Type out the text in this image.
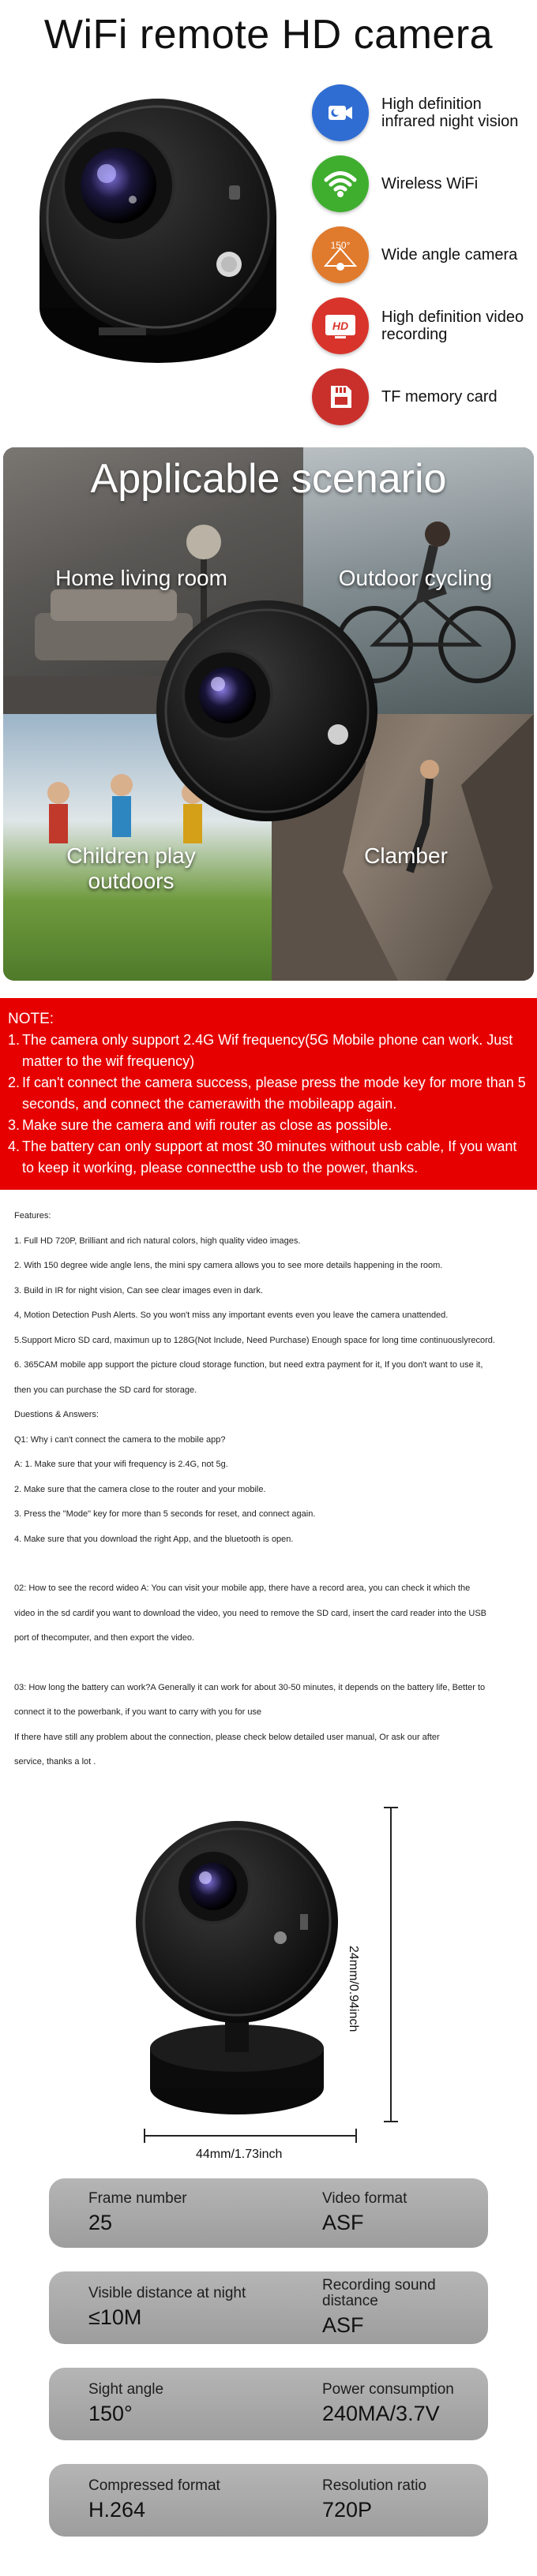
WiFi remote HD camera
High definition infrared night vision
Wireless WiFi
150°
Wide angle camera
HD High definition video recording
TF memory card
Applicable scenario
Home living room	Outdoor cycling
Children play outdoors
Clamber
NOTE:
1. The camera only support 2.4G Wif frequency(5G Mobile phone can work. Just matter to the wif frequency)
2. If can't connect the camera success, please press the mode key for more than 5 seconds, and connect the camerawith the mobileapp again.
3. Make sure the camera and wifi router as close as possible.
4. The battery can only support at most 30 minutes without usb cable, If you want to keep it working, please connectthe usb to the power, thanks.
Features:
1. Full HD 720P, Brilliant and rich natural colors, high quality video images.
2. With 150 degree wide angle lens, the mini spy camera allows you to see more details happening in the room.
3. Build in IR for night vision, Can see clear images even in dark.
4, Motion Detection Push Alerts. So you won't miss any important events even you leave the camera unattended.
5.Support Micro SD card, maximun up to 128G(Not Include, Need Purchase) Enough space for long time continuouslyrecord.
6. 365CAM mobile app support the picture cloud storage function, but need extra payment for it, If you don't want to use it,
then you can purchase the SD card for storage.
Duestions & Answers:
Q1: Why i can't connect the camera to the mobile app?
A: 1. Make sure that your wifi frequency is 2.4G, not 5g.
2. Make sure that the camera close to the router and your mobile.
3. Press the "Mode" key for more than 5 seconds for reset, and connect again.
4. Make sure that you download the right App, and the bluetooth is open.
02: How to see the record wideo A: You can visit your mobile app, there have a record area, you can check it which the
video in the sd cardif you want to download the video, you need to remove the SD card, insert the card reader into the USB
port of thecomputer, and then export the video.
03: How long the battery can work?A Generally it can work for about 30-50 minutes, it depends on the battery life, Better to
connect it to the powerbank, if you want to carry with you for use
If there have still any problem about the connection, please check below detailed user manual, Or ask our after
service, thanks a lot .
24mm/0.94inch
44mm/1.73inch
Frame number
25
Video format
ASF
Visible distance at night
≤10M
Recording sound distance
ASF
Sight angle
150°
Power consumption
240MA/3.7V
Compressed format
H.264
Resolution ratio
720P
